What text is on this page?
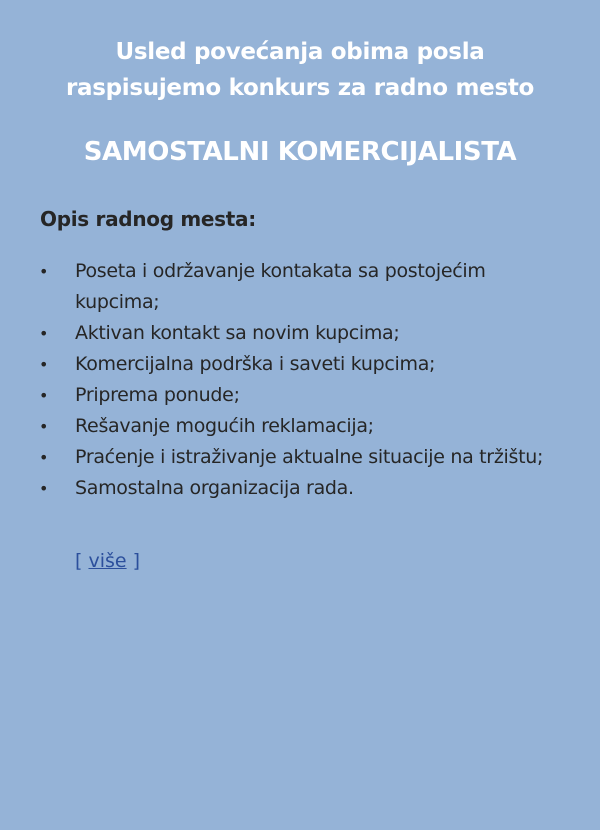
Usled povećanja obima posla
raspisujemo konkurs za radno mesto
SAMOSTALNI KOMERCIJALISTA
Opis radnog mesta:
• Poseta i održavanje kontakata sa postojećim kupcima;
• Aktivan kontakt sa novim kupcima;
• Komercijalna podrška i saveti kupcima;
• Priprema ponude;
• Rešavanje mogućih reklamacija;
• Praćenje i istraživanje aktualne situacije na tržištu;
• Samostalna organizacija rada.
[ više ]
